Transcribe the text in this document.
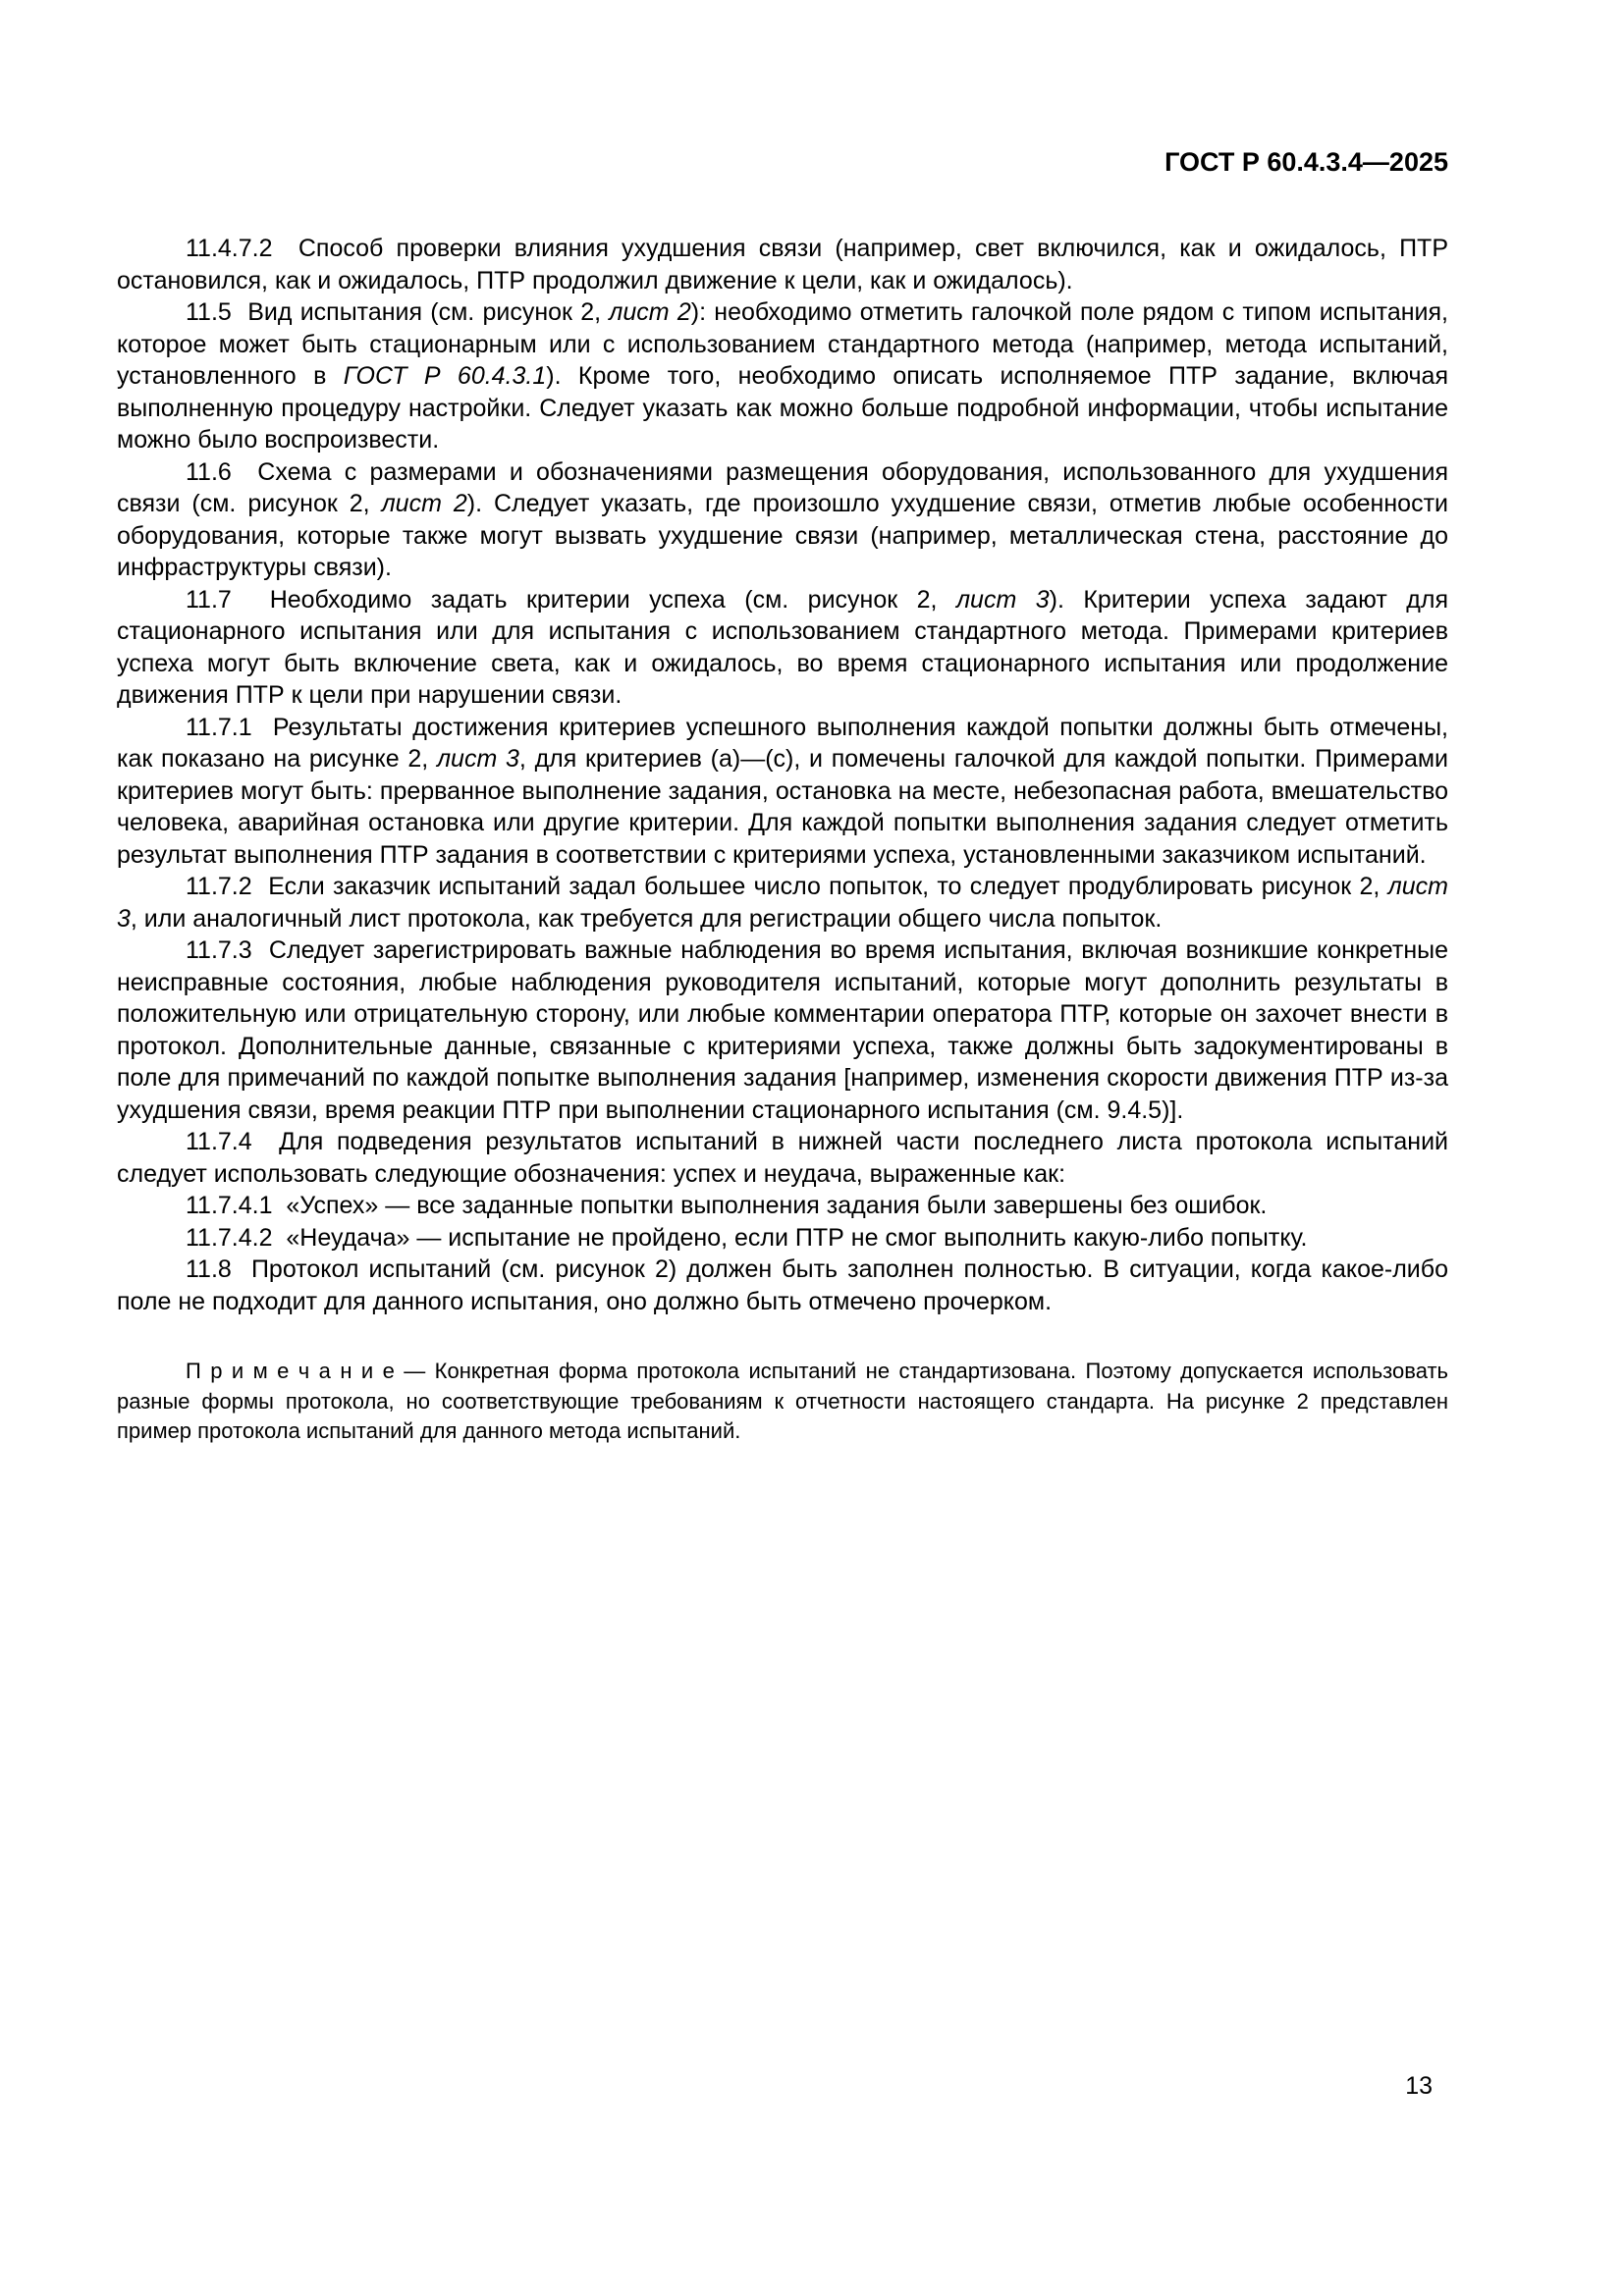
ГОСТ Р 60.4.3.4—2025

11.4.7.2  Способ проверки влияния ухудшения связи (например, свет включился, как и ожидалось, ПТР остановился, как и ожидалось, ПТР продолжил движение к цели, как и ожидалось).

11.5  Вид испытания (см. рисунок 2, лист 2): необходимо отметить галочкой поле рядом с типом испытания, которое может быть стационарным или с использованием стандартного метода (например, метода испытаний, установленного в ГОСТ Р 60.4.3.1). Кроме того, необходимо описать исполняемое ПТР задание, включая выполненную процедуру настройки. Следует указать как можно больше подробной информации, чтобы испытание можно было воспроизвести.

11.6  Схема с размерами и обозначениями размещения оборудования, использованного для ухудшения связи (см. рисунок 2, лист 2). Следует указать, где произошло ухудшение связи, отметив любые особенности оборудования, которые также могут вызвать ухудшение связи (например, металлическая стена, расстояние до инфраструктуры связи).

11.7  Необходимо задать критерии успеха (см. рисунок 2, лист 3). Критерии успеха задают для стационарного испытания или для испытания с использованием стандартного метода. Примерами критериев успеха могут быть включение света, как и ожидалось, во время стационарного испытания или продолжение движения ПТР к цели при нарушении связи.

11.7.1  Результаты достижения критериев успешного выполнения каждой попытки должны быть отмечены, как показано на рисунке 2, лист 3, для критериев (a)—(c), и помечены галочкой для каждой попытки. Примерами критериев могут быть: прерванное выполнение задания, остановка на месте, небезопасная работа, вмешательство человека, аварийная остановка или другие критерии. Для каждой попытки выполнения задания следует отметить результат выполнения ПТР задания в соответствии с критериями успеха, установленными заказчиком испытаний.

11.7.2  Если заказчик испытаний задал большее число попыток, то следует продублировать рисунок 2, лист 3, или аналогичный лист протокола, как требуется для регистрации общего числа попыток.

11.7.3  Следует зарегистрировать важные наблюдения во время испытания, включая возникшие конкретные неисправные состояния, любые наблюдения руководителя испытаний, которые могут дополнить результаты в положительную или отрицательную сторону, или любые комментарии оператора ПТР, которые он захочет внести в протокол. Дополнительные данные, связанные с критериями успеха, также должны быть задокументированы в поле для примечаний по каждой попытке выполнения задания [например, изменения скорости движения ПТР из-за ухудшения связи, время реакции ПТР при выполнении стационарного испытания (см. 9.4.5)].

11.7.4  Для подведения результатов испытаний в нижней части последнего листа протокола испытаний следует использовать следующие обозначения: успех и неудача, выраженные как:

11.7.4.1  «Успех» — все заданные попытки выполнения задания были завершены без ошибок.

11.7.4.2  «Неудача» — испытание не пройдено, если ПТР не смог выполнить какую-либо попытку.

11.8  Протокол испытаний (см. рисунок 2) должен быть заполнен полностью. В ситуации, когда какое-либо поле не подходит для данного испытания, оно должно быть отмечено прочерком.

П р и м е ч а н и е — Конкретная форма протокола испытаний не стандартизована. Поэтому допускается использовать разные формы протокола, но соответствующие требованиям к отчетности настоящего стандарта. На рисунке 2 представлен пример протокола испытаний для данного метода испытаний.

13
